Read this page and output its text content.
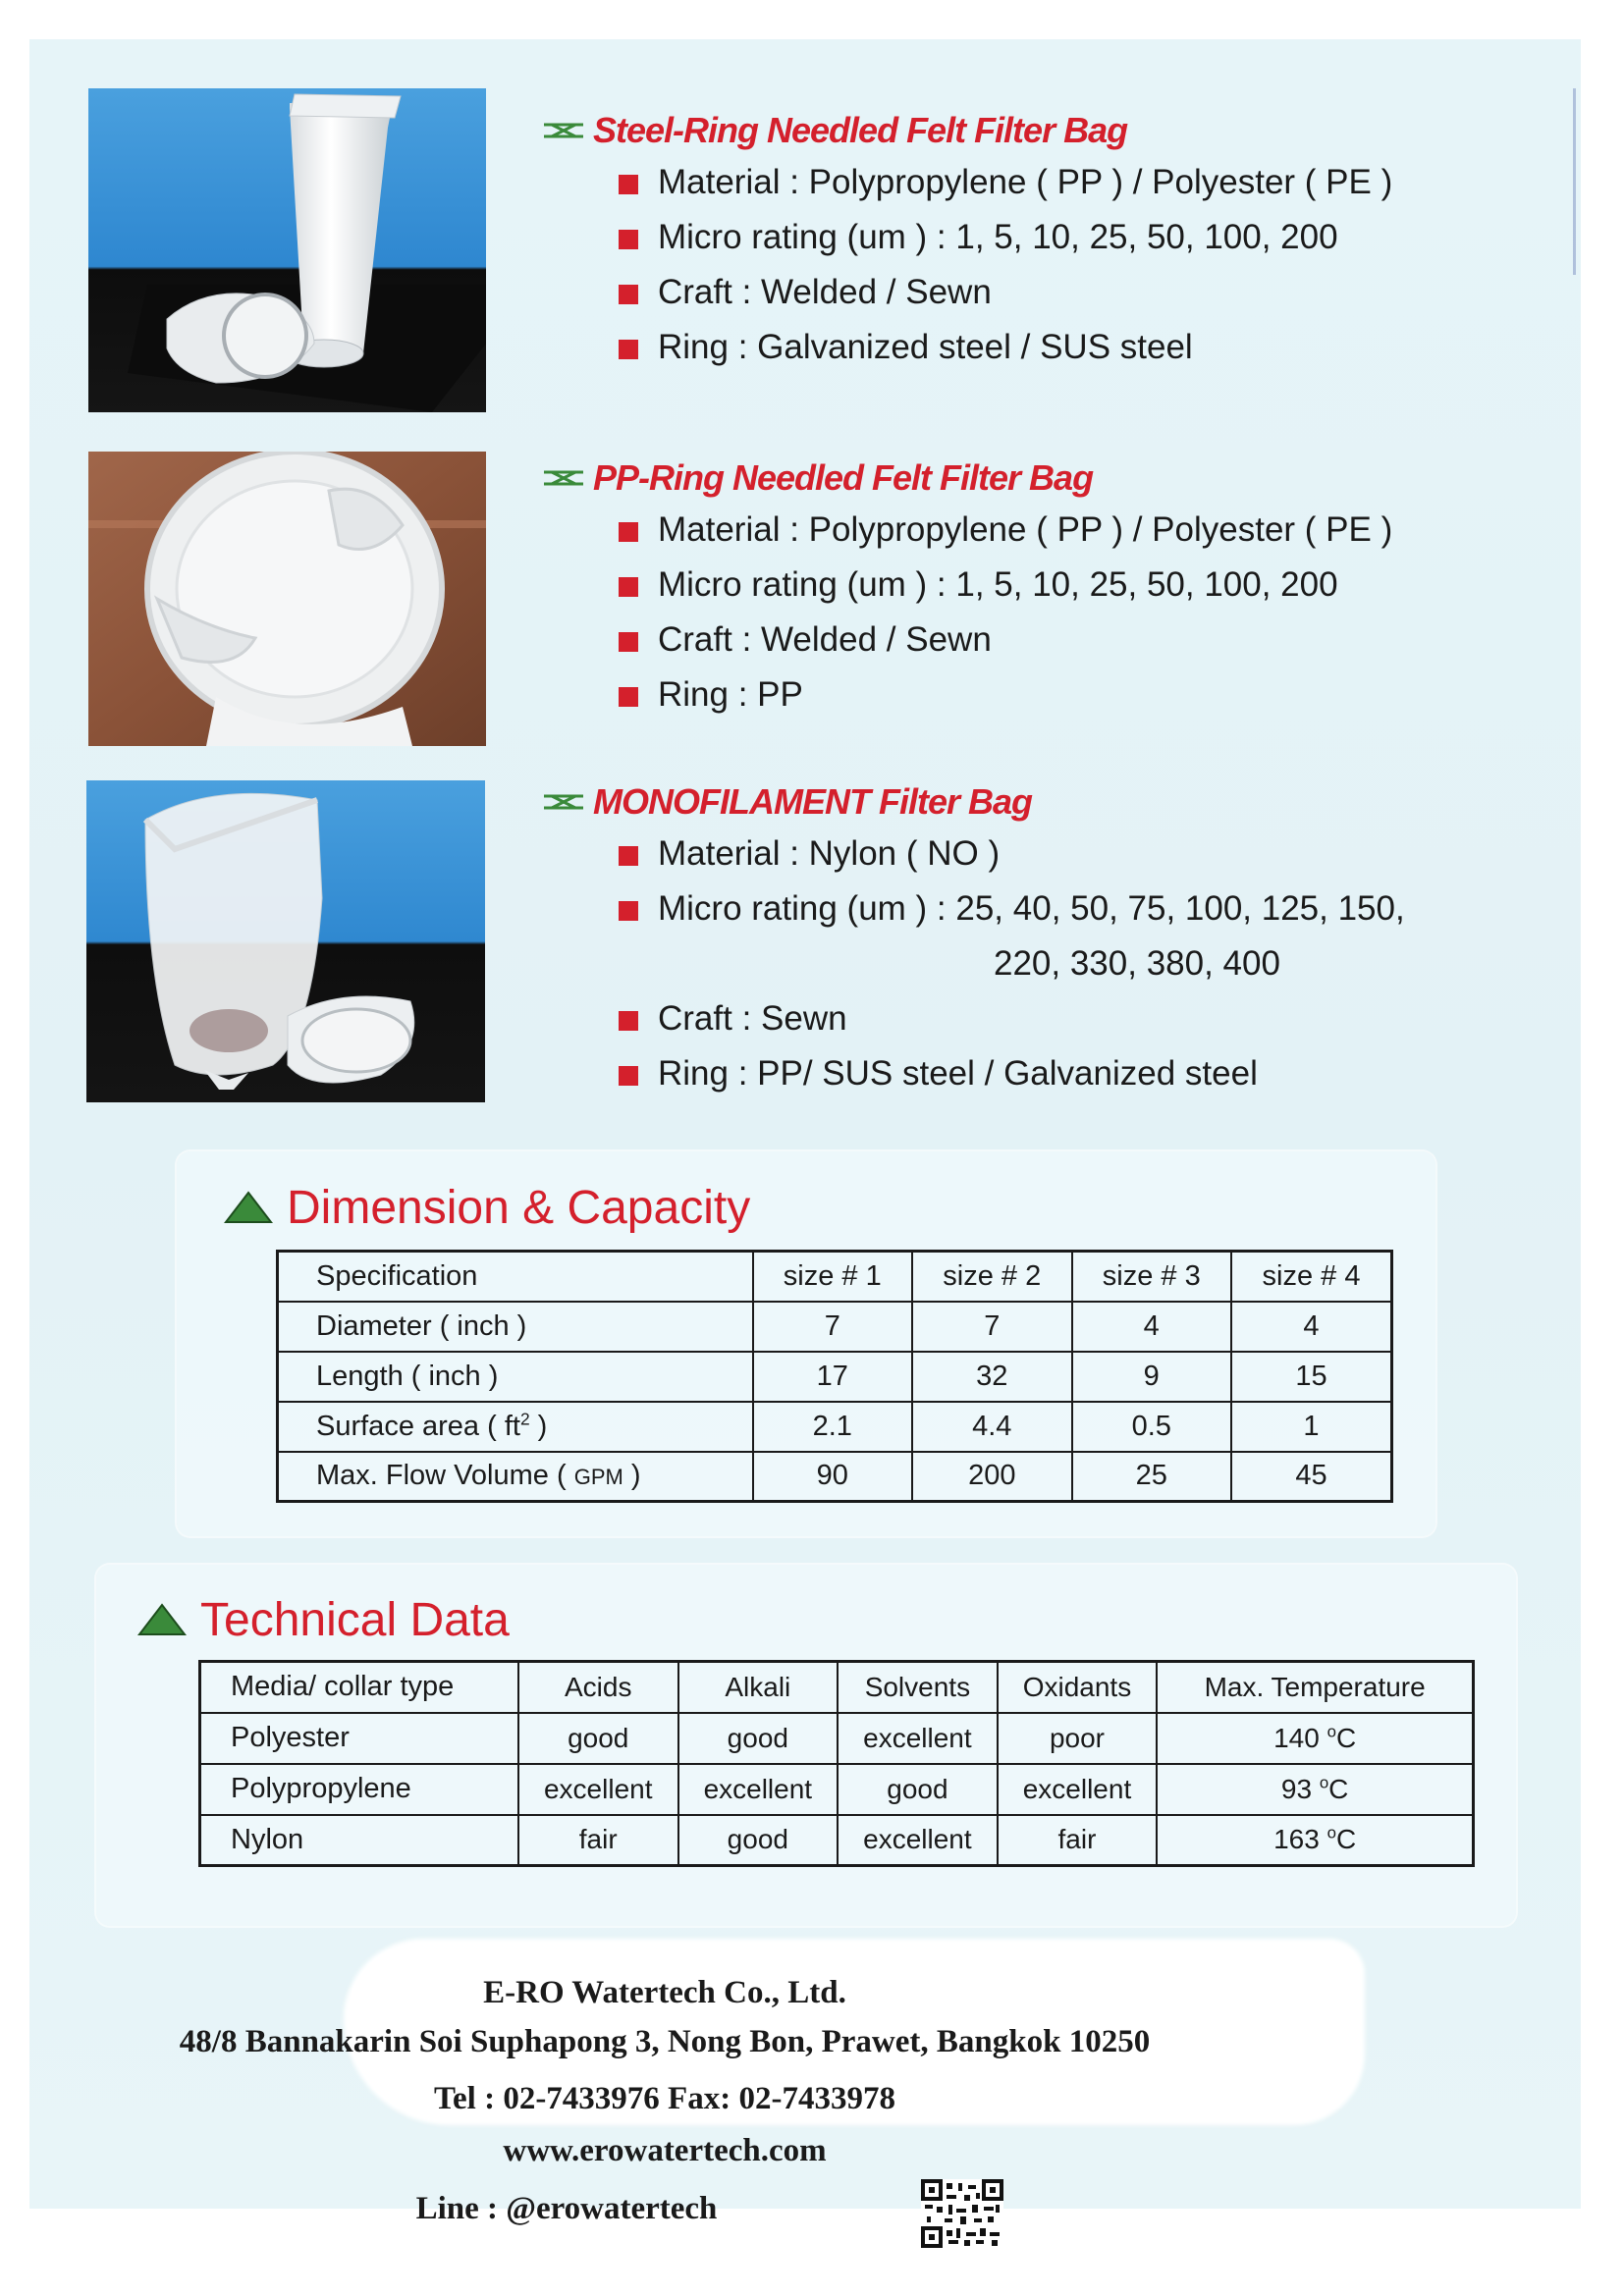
Steel-Ring Needled Felt Filter Bag
Material : Polypropylene ( PP ) / Polyester ( PE )
Micro rating (um ) : 1, 5, 10, 25, 50, 100, 200
Craft : Welded / Sewn
Ring : Galvanized steel / SUS steel
PP-Ring Needled Felt Filter Bag
Material : Polypropylene ( PP ) / Polyester ( PE )
Micro rating (um ) : 1, 5, 10, 25, 50, 100, 200
Craft : Welded / Sewn
Ring : PP
MONOFILAMENT Filter Bag
Material : Nylon ( NO )
Micro rating (um ) : 25, 40, 50, 75, 100, 125, 150,
220, 330, 380, 400
Craft : Sewn
Ring : PP/ SUS steel / Galvanized steel
Dimension & Capacity
Specification	size # 1	size # 2	size # 3	size # 4
Diameter ( inch )	7	7	4	4
Length ( inch )	17	32	9	15
Surface area ( $ft^2$ )	2.1	4.4	0.5	1
Max. Flow Volume ( GPM )	90	200	25	45
Technical Data
Media/ collar type	Acids	Alkali	Solvents	Oxidants	Max. Temperature
Polyester	good	good	excellent	poor	140 $^o$C
Polypropylene	excellent	excellent	good	excellent	93 $^o$C
Nylon	fair	good	excellent	fair	163 $^o$C
E-RO Watertech Co., Ltd.
48/8 Bannakarin Soi Suphapong 3, Nong Bon, Prawet, Bangkok 10250
Tel : 02-7433976 Fax: 02-7433978
www.erowatertech.com
Line : @erowatertech
